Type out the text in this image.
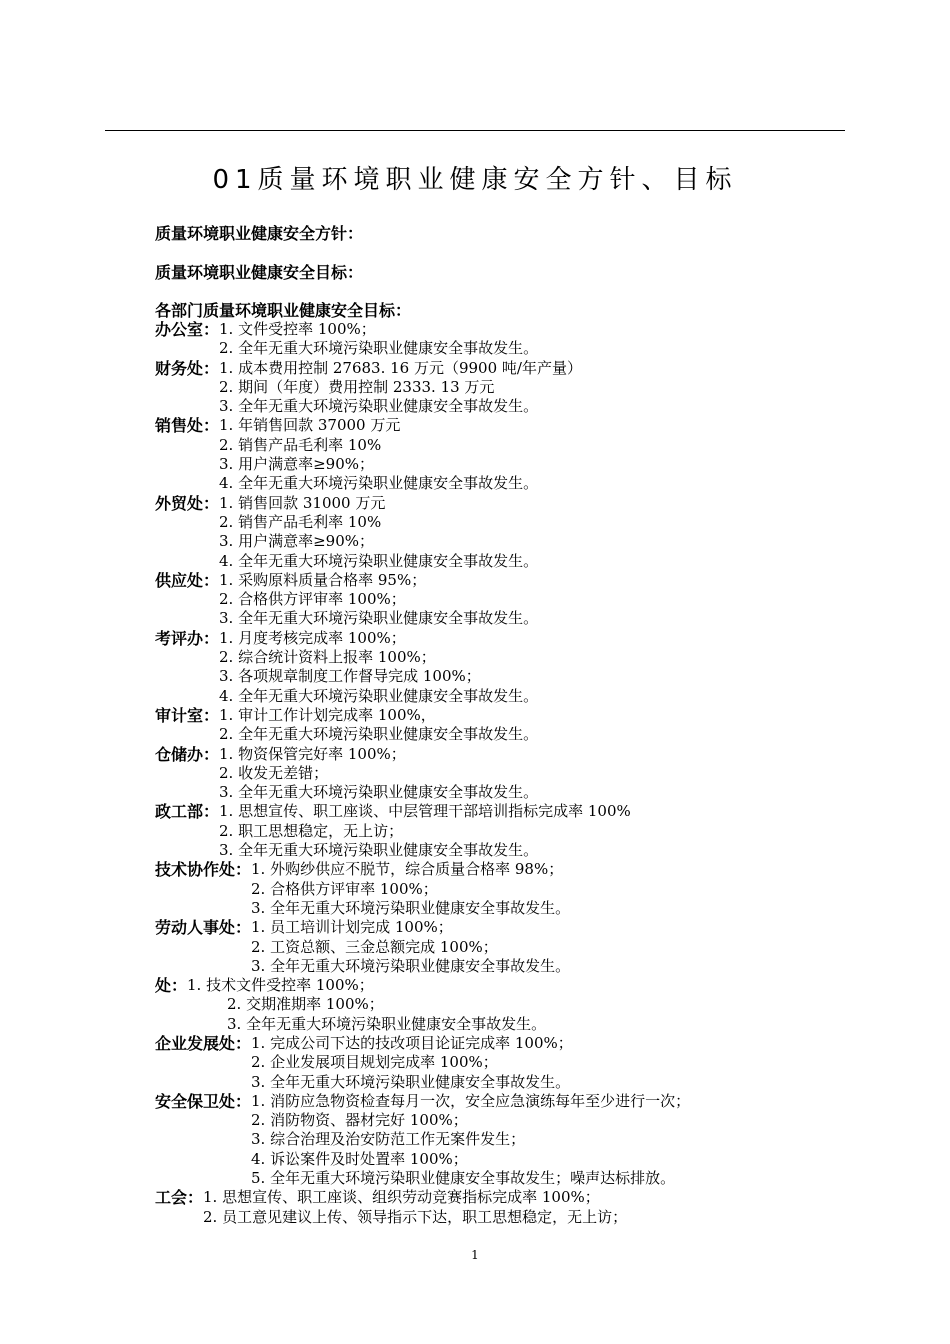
01质量环境职业健康安全方针、目标
质量环境职业健康安全方针：
质量环境职业健康安全目标：
各部门质量环境职业健康安全目标：
办公室： 1. 文件受控率 100%；
2. 全年无重大环境污染职业健康安全事故发生。
财务处： 1. 成本费用控制 27683. 16 万元（9900 吨/年产量）
2. 期间（年度）费用控制 2333. 13 万元
3. 全年无重大环境污染职业健康安全事故发生。
销售处： 1. 年销售回款 37000 万元
2. 销售产品毛利率 10%
3. 用户满意率≥90%；
4. 全年无重大环境污染职业健康安全事故发生。
外贸处： 1. 销售回款 31000 万元
2. 销售产品毛利率 10%
3. 用户满意率≥90%；
4. 全年无重大环境污染职业健康安全事故发生。
供应处： 1. 采购原料质量合格率 95%；
2. 合格供方评审率 100%；
3. 全年无重大环境污染职业健康安全事故发生。
考评办： 1. 月度考核完成率 100%；
2. 综合统计资料上报率 100%；
3. 各项规章制度工作督导完成 100%；
4. 全年无重大环境污染职业健康安全事故发生。
审计室： 1. 审计工作计划完成率 100%，
2. 全年无重大环境污染职业健康安全事故发生。
仓储办： 1. 物资保管完好率 100%；
2. 收发无差错；
3. 全年无重大环境污染职业健康安全事故发生。
政工部： 1. 思想宣传、职工座谈、中层管理干部培训指标完成率 100%
2. 职工思想稳定，无上访；
3. 全年无重大环境污染职业健康安全事故发生。
技术协作处： 1. 外购纱供应不脱节，综合质量合格率 98%；
2. 合格供方评审率 100%；
3. 全年无重大环境污染职业健康安全事故发生。
劳动人事处： 1. 员工培训计划完成 100%；
2. 工资总额、三金总额完成 100%；
3. 全年无重大环境污染职业健康安全事故发生。
处： 1. 技术文件受控率 100%；
2. 交期准期率 100%；
3. 全年无重大环境污染职业健康安全事故发生。
企业发展处： 1. 完成公司下达的技改项目论证完成率 100%；
2. 企业发展项目规划完成率 100%；
3. 全年无重大环境污染职业健康安全事故发生。
安全保卫处： 1. 消防应急物资检查每月一次，安全应急演练每年至少进行一次；
2. 消防物资、器材完好 100%；
3. 综合治理及治安防范工作无案件发生；
4. 诉讼案件及时处置率 100%；
5. 全年无重大环境污染职业健康安全事故发生；噪声达标排放。
工会： 1. 思想宣传、职工座谈、组织劳动竞赛指标完成率 100%；
2. 员工意见建议上传、领导指示下达，职工思想稳定，无上访；
1
